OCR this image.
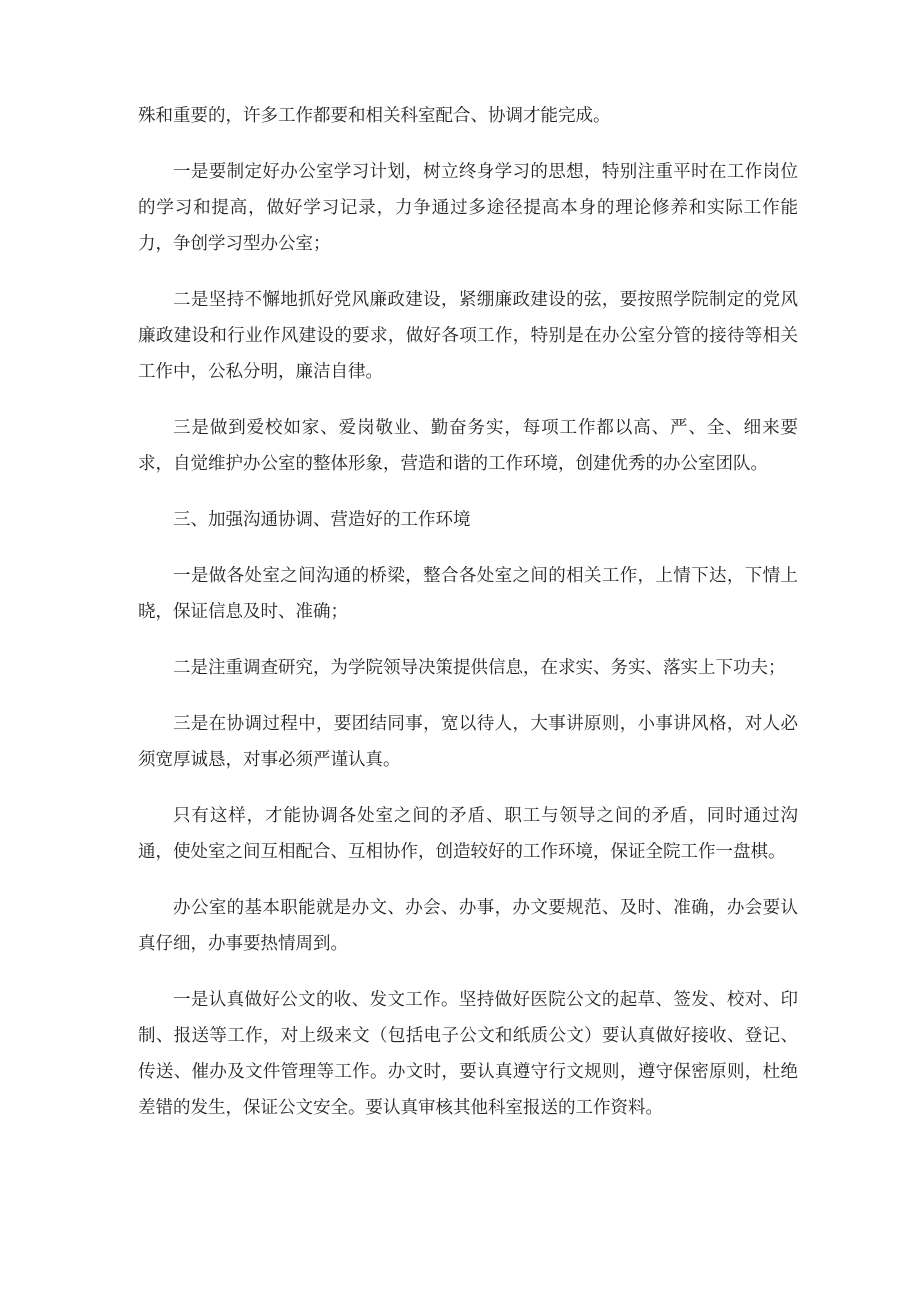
殊和重要的，许多工作都要和相关科室配合、协调才能完成。

一是要制定好办公室学习计划，树立终身学习的思想，特别注重平时在工作岗位的学习和提高，做好学习记录，力争通过多途径提高本身的理论修养和实际工作能力，争创学习型办公室；

二是坚持不懈地抓好党风廉政建设，紧绷廉政建设的弦，要按照学院制定的党风廉政建设和行业作风建设的要求，做好各项工作，特别是在办公室分管的接待等相关工作中，公私分明，廉洁自律。

三是做到爱校如家、爱岗敬业、勤奋务实，每项工作都以高、严、全、细来要求，自觉维护办公室的整体形象，营造和谐的工作环境，创建优秀的办公室团队。

三、加强沟通协调、营造好的工作环境

一是做各处室之间沟通的桥梁，整合各处室之间的相关工作，上情下达，下情上晓，保证信息及时、准确；

二是注重调查研究，为学院领导决策提供信息，在求实、务实、落实上下功夫；

三是在协调过程中，要团结同事，宽以待人，大事讲原则，小事讲风格，对人必须宽厚诚恳，对事必须严谨认真。

只有这样，才能协调各处室之间的矛盾、职工与领导之间的矛盾，同时通过沟通，使处室之间互相配合、互相协作，创造较好的工作环境，保证全院工作一盘棋。

办公室的基本职能就是办文、办会、办事，办文要规范、及时、准确，办会要认真仔细，办事要热情周到。

一是认真做好公文的收、发文工作。坚持做好医院公文的起草、签发、校对、印制、报送等工作，对上级来文（包括电子公文和纸质公文）要认真做好接收、登记、传送、催办及文件管理等工作。办文时，要认真遵守行文规则，遵守保密原则，杜绝差错的发生，保证公文安全。要认真审核其他科室报送的工作资料。
